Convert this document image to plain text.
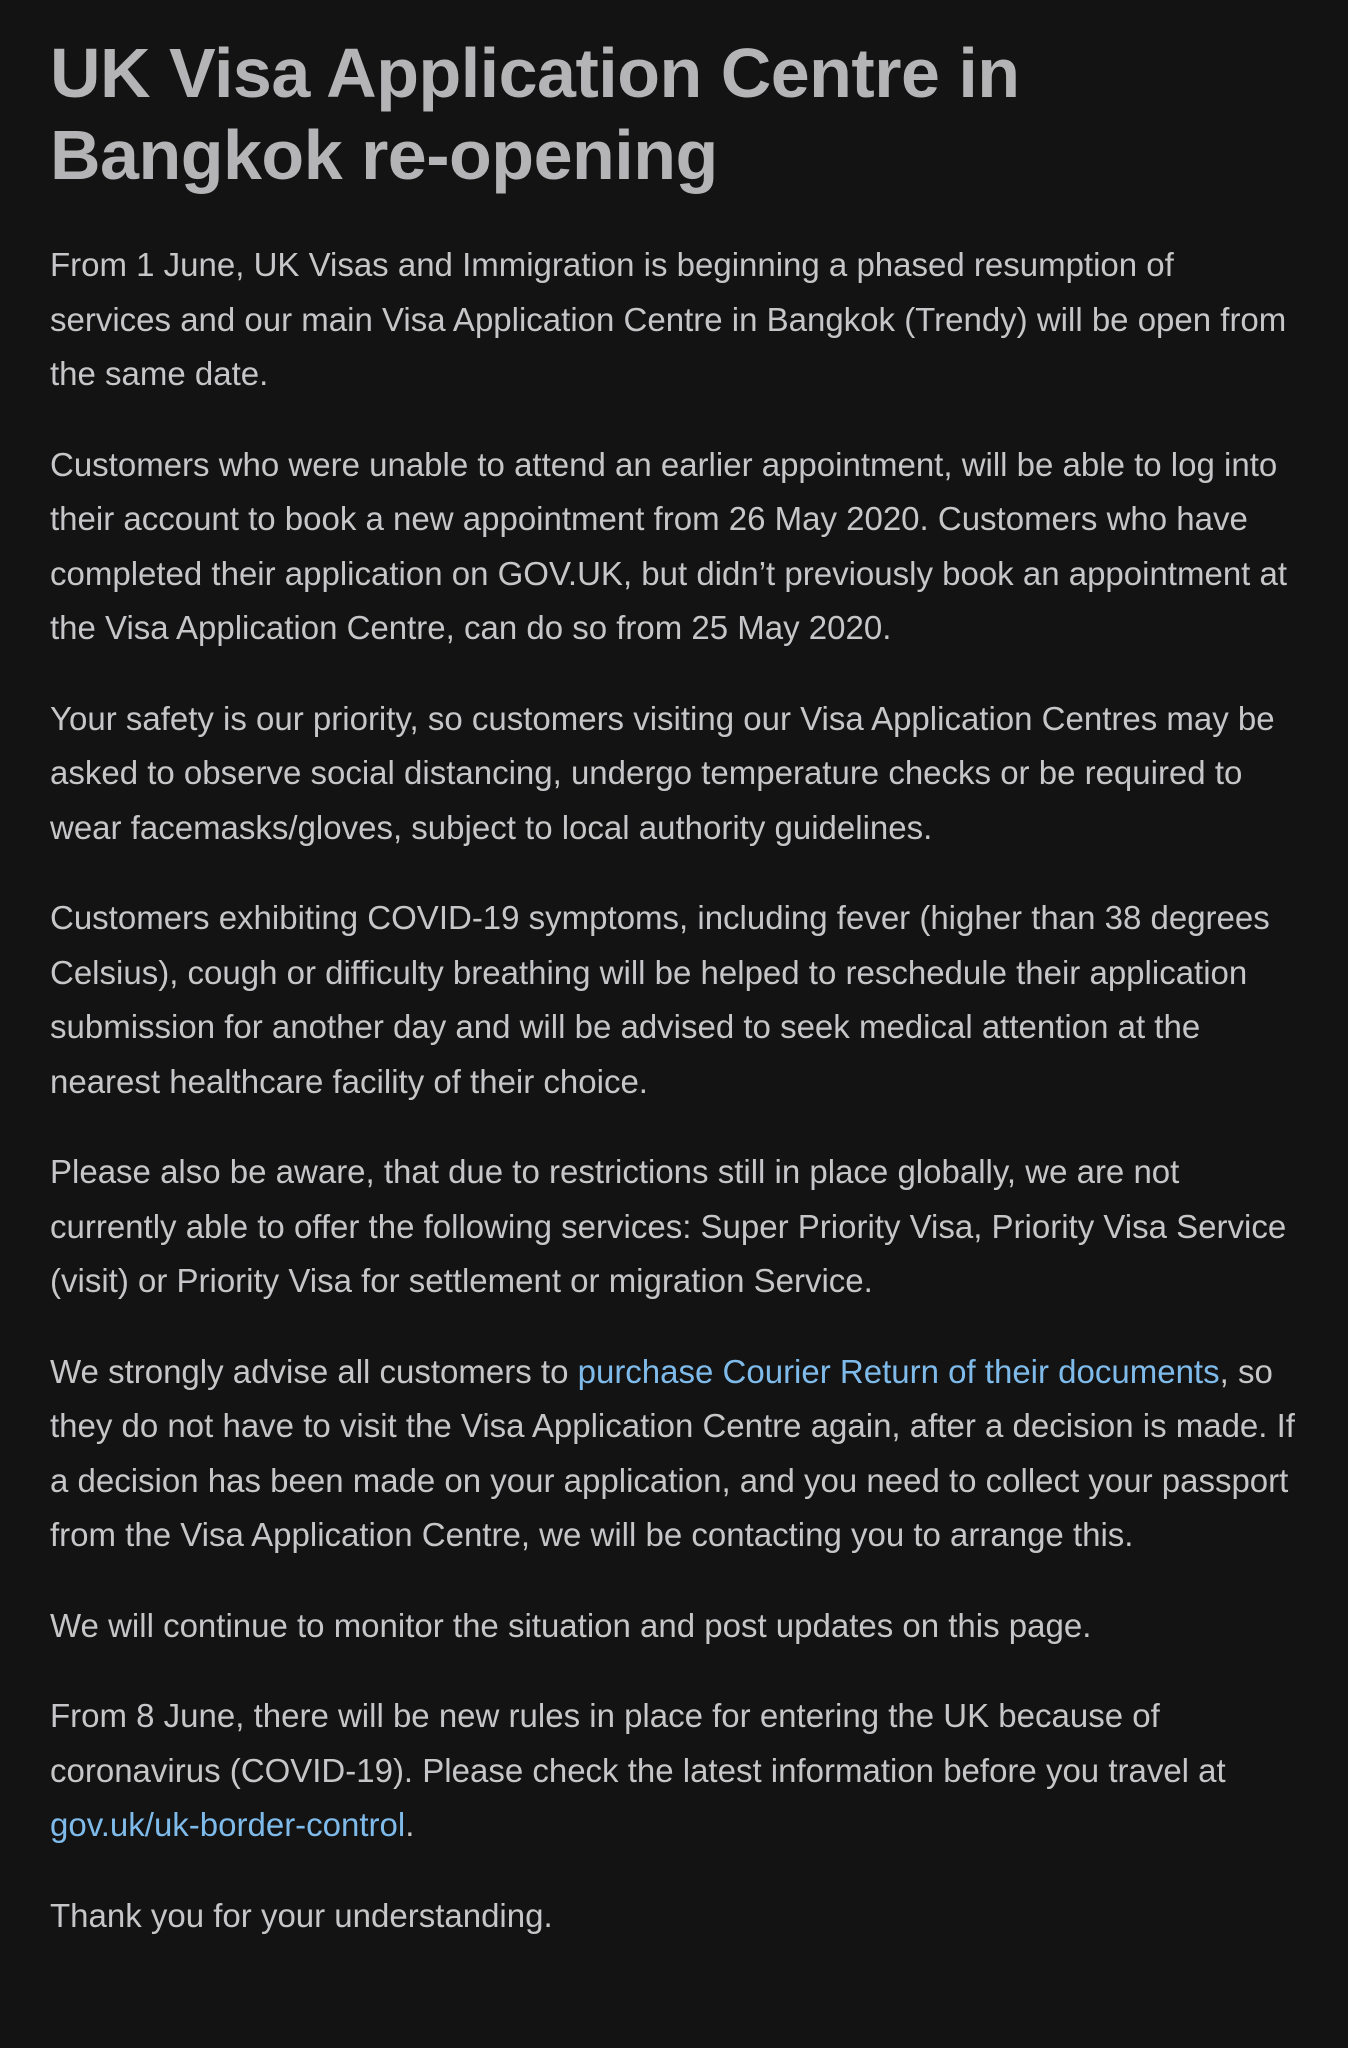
UK Visa Application Centre in Bangkok re-opening

From 1 June, UK Visas and Immigration is beginning a phased resumption of services and our main Visa Application Centre in Bangkok (Trendy) will be open from the same date.

Customers who were unable to attend an earlier appointment, will be able to log into their account to book a new appointment from 26 May 2020. Customers who have completed their application on GOV.UK, but didn’t previously book an appointment at the Visa Application Centre, can do so from 25 May 2020.

Your safety is our priority, so customers visiting our Visa Application Centres may be asked to observe social distancing, undergo temperature checks or be required to wear facemasks/gloves, subject to local authority guidelines.

Customers exhibiting COVID-19 symptoms, including fever (higher than 38 degrees Celsius), cough or difficulty breathing will be helped to reschedule their application submission for another day and will be advised to seek medical attention at the nearest healthcare facility of their choice.

Please also be aware, that due to restrictions still in place globally, we are not currently able to offer the following services: Super Priority Visa, Priority Visa Service (visit) or Priority Visa for settlement or migration Service.

We strongly advise all customers to purchase Courier Return of their documents, so they do not have to visit the Visa Application Centre again, after a decision is made. If a decision has been made on your application, and you need to collect your passport from the Visa Application Centre, we will be contacting you to arrange this.

We will continue to monitor the situation and post updates on this page.

From 8 June, there will be new rules in place for entering the UK because of coronavirus (COVID-19). Please check the latest information before you travel at gov.uk/uk-border-control.

Thank you for your understanding.
